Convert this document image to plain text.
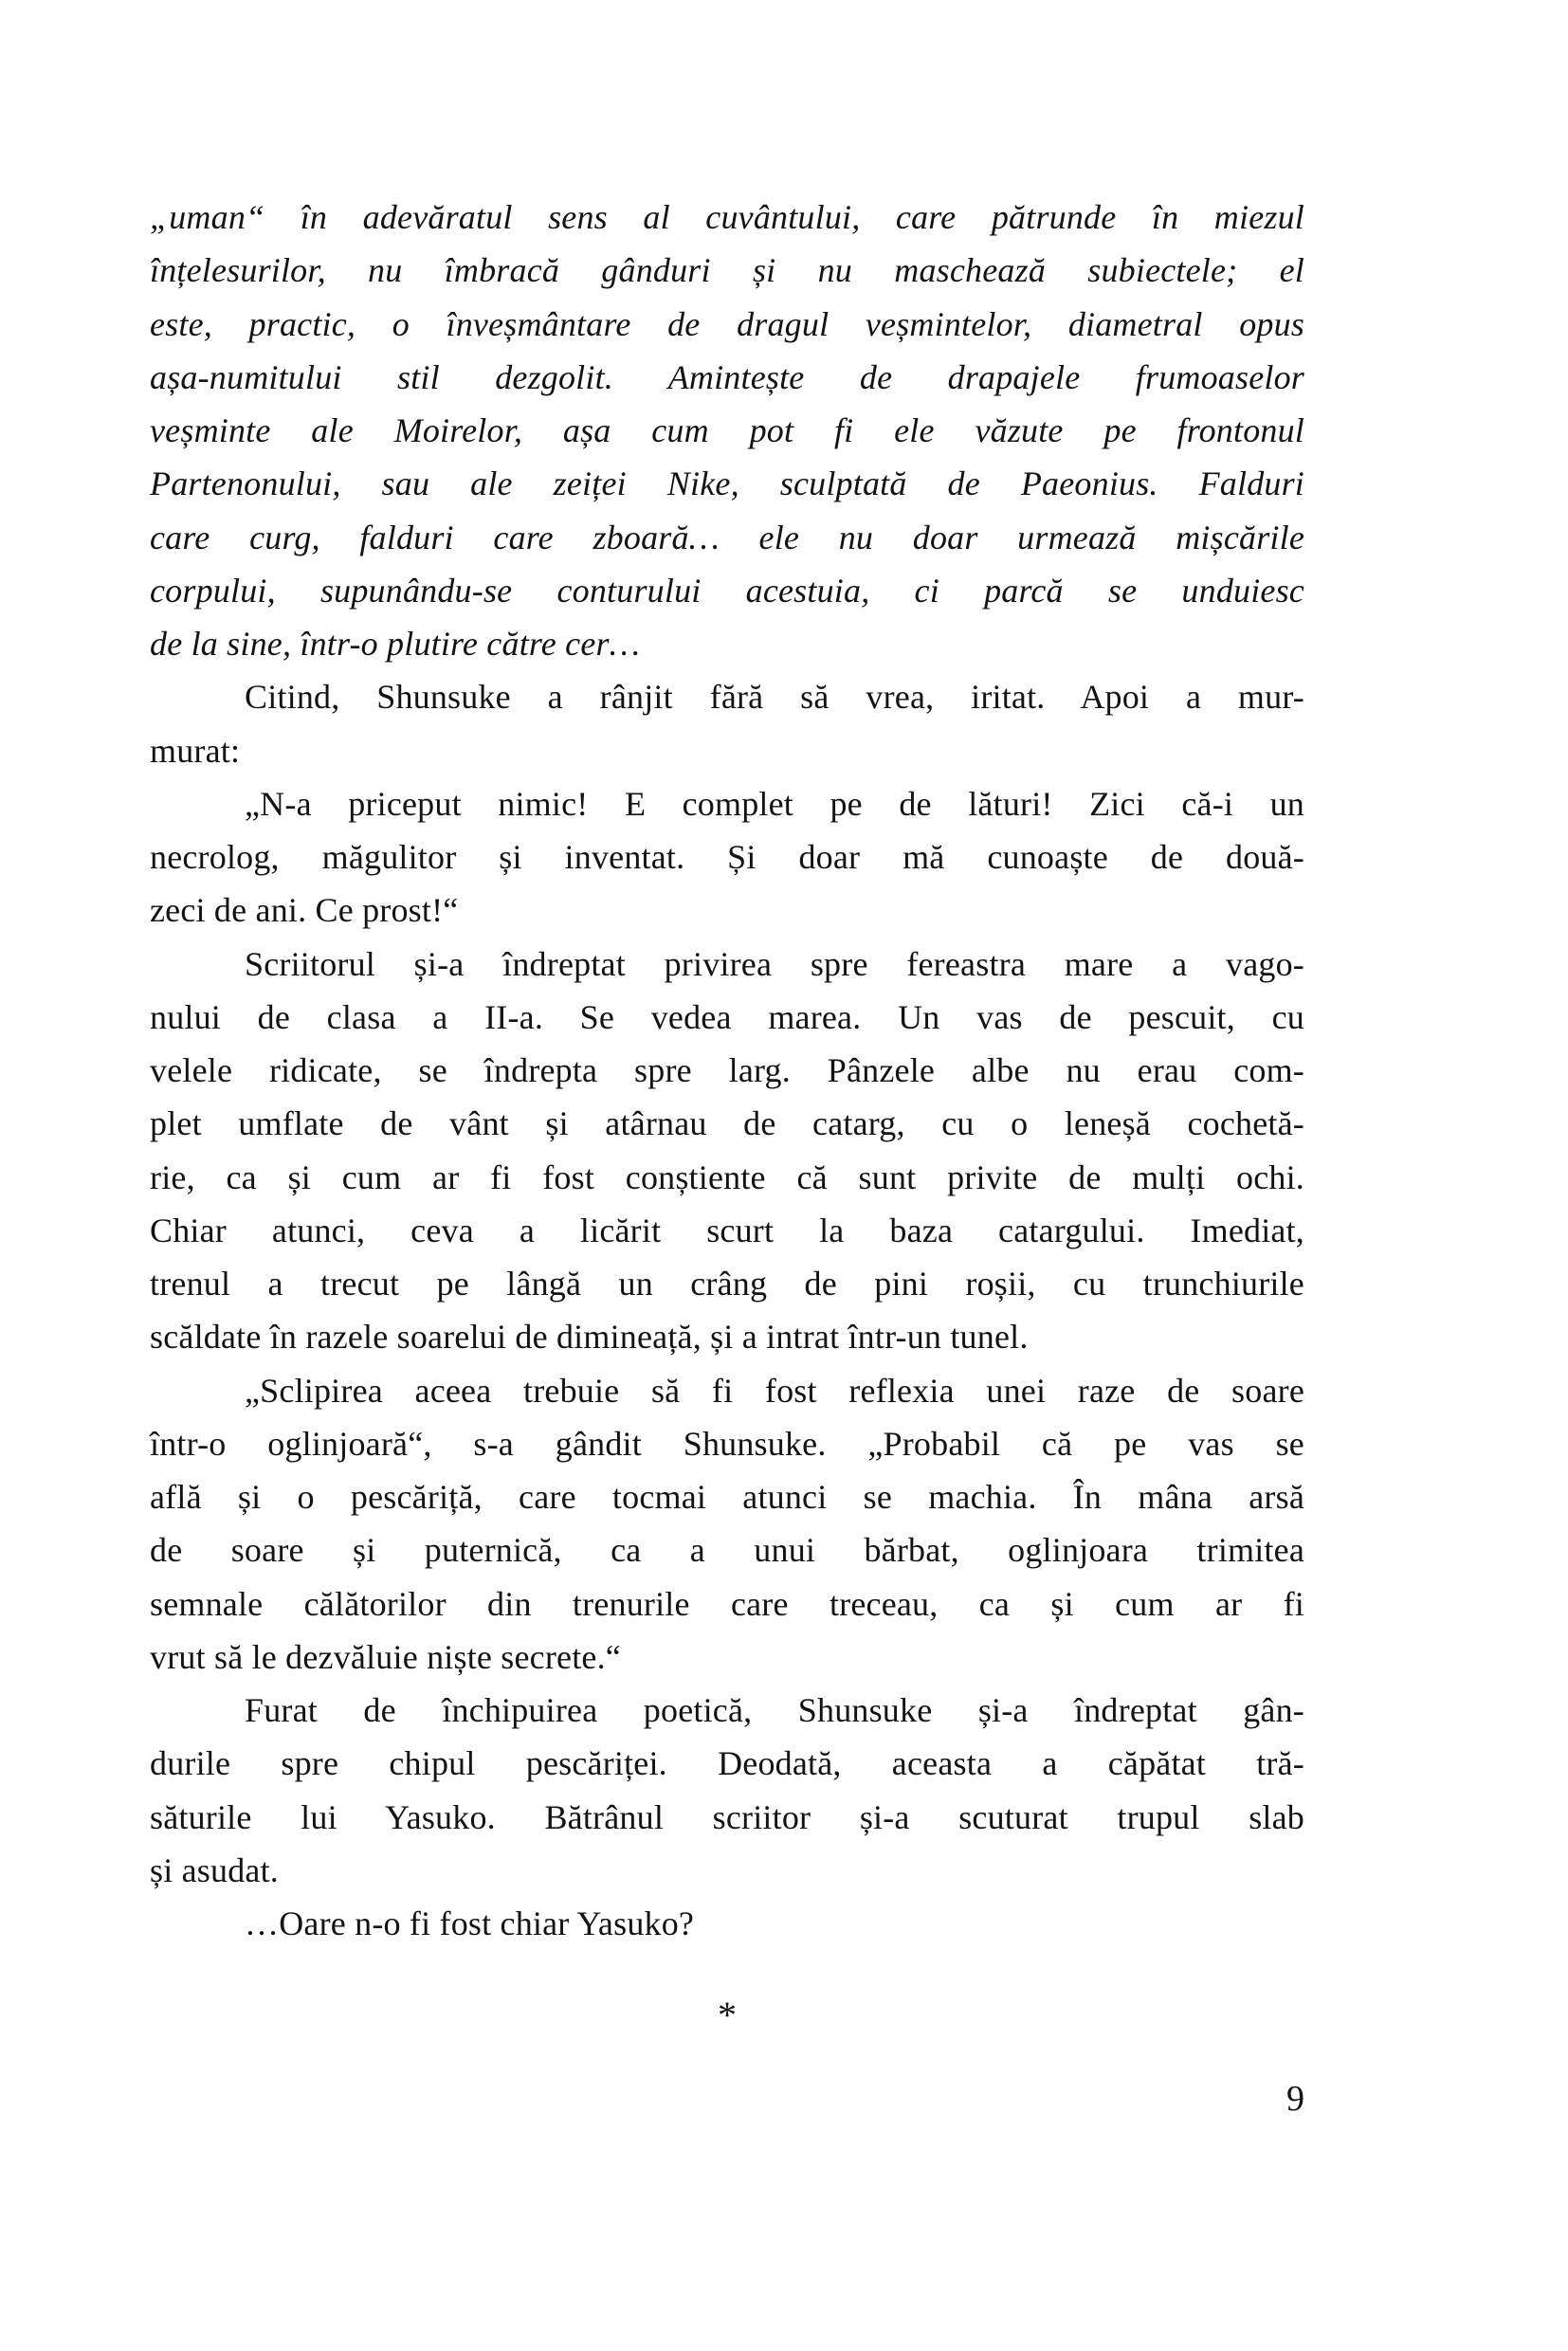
„uman“ în adevăratul sens al cuvântului, care pătrunde în miezul
înțelesurilor, nu îmbracă gânduri și nu maschează subiectele; el
este, practic, o înveșmântare de dragul veșmintelor, diametral opus
așa-numitului stil dezgolit. Amintește de drapajele frumoaselor
veșminte ale Moirelor, așa cum pot fi ele văzute pe frontonul
Partenonului, sau ale zeiței Nike, sculptată de Paeonius. Falduri
care curg, falduri care zboară… ele nu doar urmează mișcările
corpului, supunându-se conturului acestuia, ci parcă se unduiesc
de la sine, într-o plutire către cer…
Citind, Shunsuke a rânjit fără să vrea, iritat. Apoi a mur-
murat:
„N-a priceput nimic! E complet pe de lături! Zici că-i un
necrolog, măgulitor și inventat. Și doar mă cunoaște de două-
zeci de ani. Ce prost!“
Scriitorul și-a îndreptat privirea spre fereastra mare a vago-
nului de clasa a II-a. Se vedea marea. Un vas de pescuit, cu
velele ridicate, se îndrepta spre larg. Pânzele albe nu erau com-
plet umflate de vânt și atârnau de catarg, cu o leneșă cochetă-
rie, ca și cum ar fi fost conștiente că sunt privite de mulți ochi.
Chiar atunci, ceva a licărit scurt la baza catargului. Imediat,
trenul a trecut pe lângă un crâng de pini roșii, cu trunchiurile
scăldate în razele soarelui de dimineață, și a intrat într-un tunel.
„Sclipirea aceea trebuie să fi fost reflexia unei raze de soare
într-o oglinjoară“, s-a gândit Shunsuke. „Probabil că pe vas se
află și o pescăriță, care tocmai atunci se machia. În mâna arsă
de soare și puternică, ca a unui bărbat, oglinjoara trimitea
semnale călătorilor din trenurile care treceau, ca și cum ar fi
vrut să le dezvăluie niște secrete.“
Furat de închipuirea poetică, Shunsuke și-a îndreptat gân-
durile spre chipul pescăriței. Deodată, aceasta a căpătat tră-
săturile lui Yasuko. Bătrânul scriitor și-a scuturat trupul slab
și asudat.
…Oare n-o fi fost chiar Yasuko?
*
9
